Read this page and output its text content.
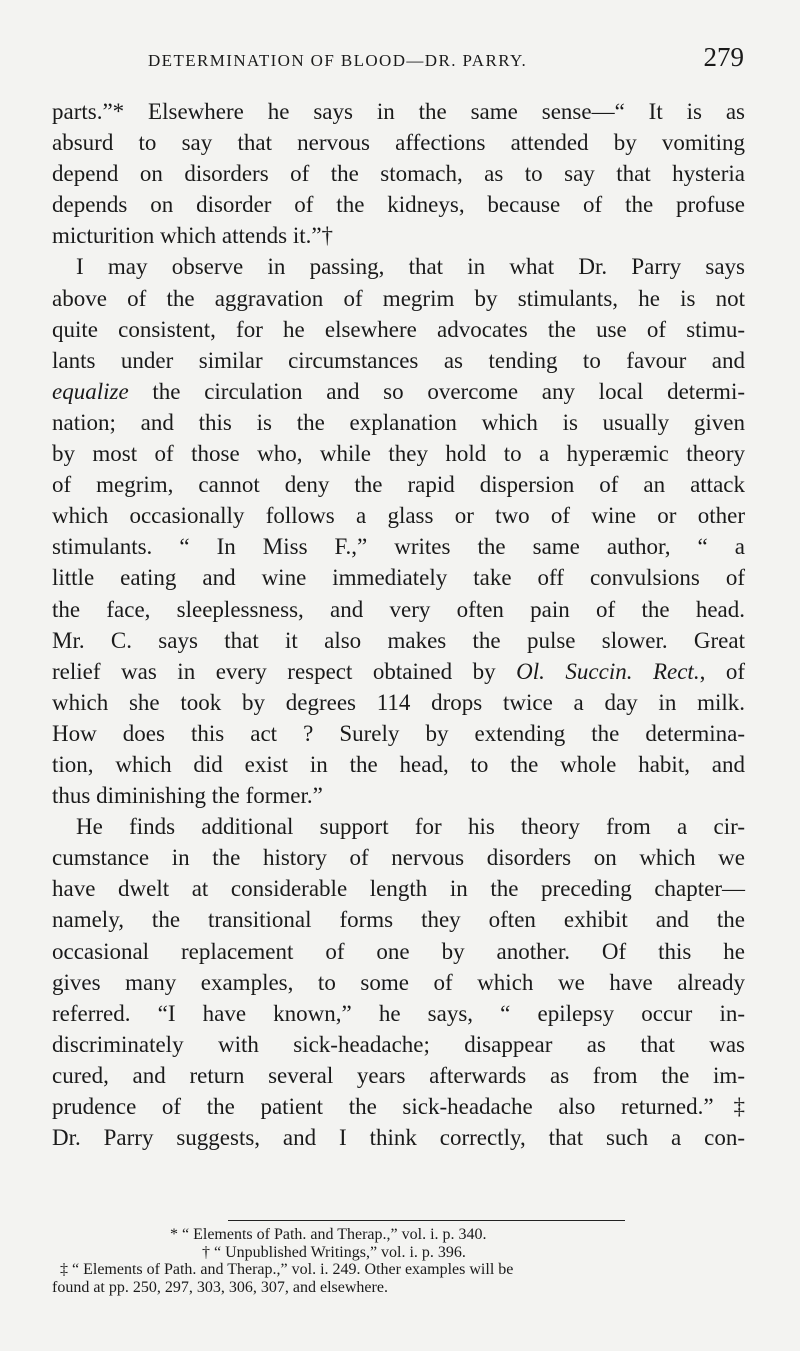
DETERMINATION OF BLOOD—DR. PARRY.	279
parts.”* Elsewhere he says in the same sense—“ It is as
absurd to say that nervous affections attended by vomiting
depend on disorders of the stomach, as to say that hysteria
depends on disorder of the kidneys, because of the profuse
micturition which attends it.”†
I may observe in passing, that in what Dr. Parry says
above of the aggravation of megrim by stimulants, he is not
quite consistent, for he elsewhere advocates the use of stimu-
lants under similar circumstances as tending to favour and
equalize the circulation and so overcome any local determi-
nation; and this is the explanation which is usually given
by most of those who, while they hold to a hyperæmic theory
of megrim, cannot deny the rapid dispersion of an attack
which occasionally follows a glass or two of wine or other
stimulants. “ In Miss F.,” writes the same author, “ a
little eating and wine immediately take off convulsions of
the face, sleeplessness, and very often pain of the head.
Mr. C. says that it also makes the pulse slower. Great
relief was in every respect obtained by Ol. Succin. Rect., of
which she took by degrees 114 drops twice a day in milk.
How does this act ? Surely by extending the determina-
tion, which did exist in the head, to the whole habit, and
thus diminishing the former.”
He finds additional support for his theory from a cir-
cumstance in the history of nervous disorders on which we
have dwelt at considerable length in the preceding chapter—
namely, the transitional forms they often exhibit and the
occasional replacement of one by another. Of this he
gives many examples, to some of which we have already
referred. “I have known,” he says, “ epilepsy occur in-
discriminately with sick-headache; disappear as that was
cured, and return several years afterwards as from the im-
prudence of the patient the sick-headache also returned.”‡
Dr. Parry suggests, and I think correctly, that such a con-
* “ Elements of Path. and Therap.,” vol. i. p. 340.
† “ Unpublished Writings,” vol. i. p. 396.
‡ “ Elements of Path. and Therap.,” vol. i. 249. Other examples will be
found at pp. 250, 297, 303, 306, 307, and elsewhere.
